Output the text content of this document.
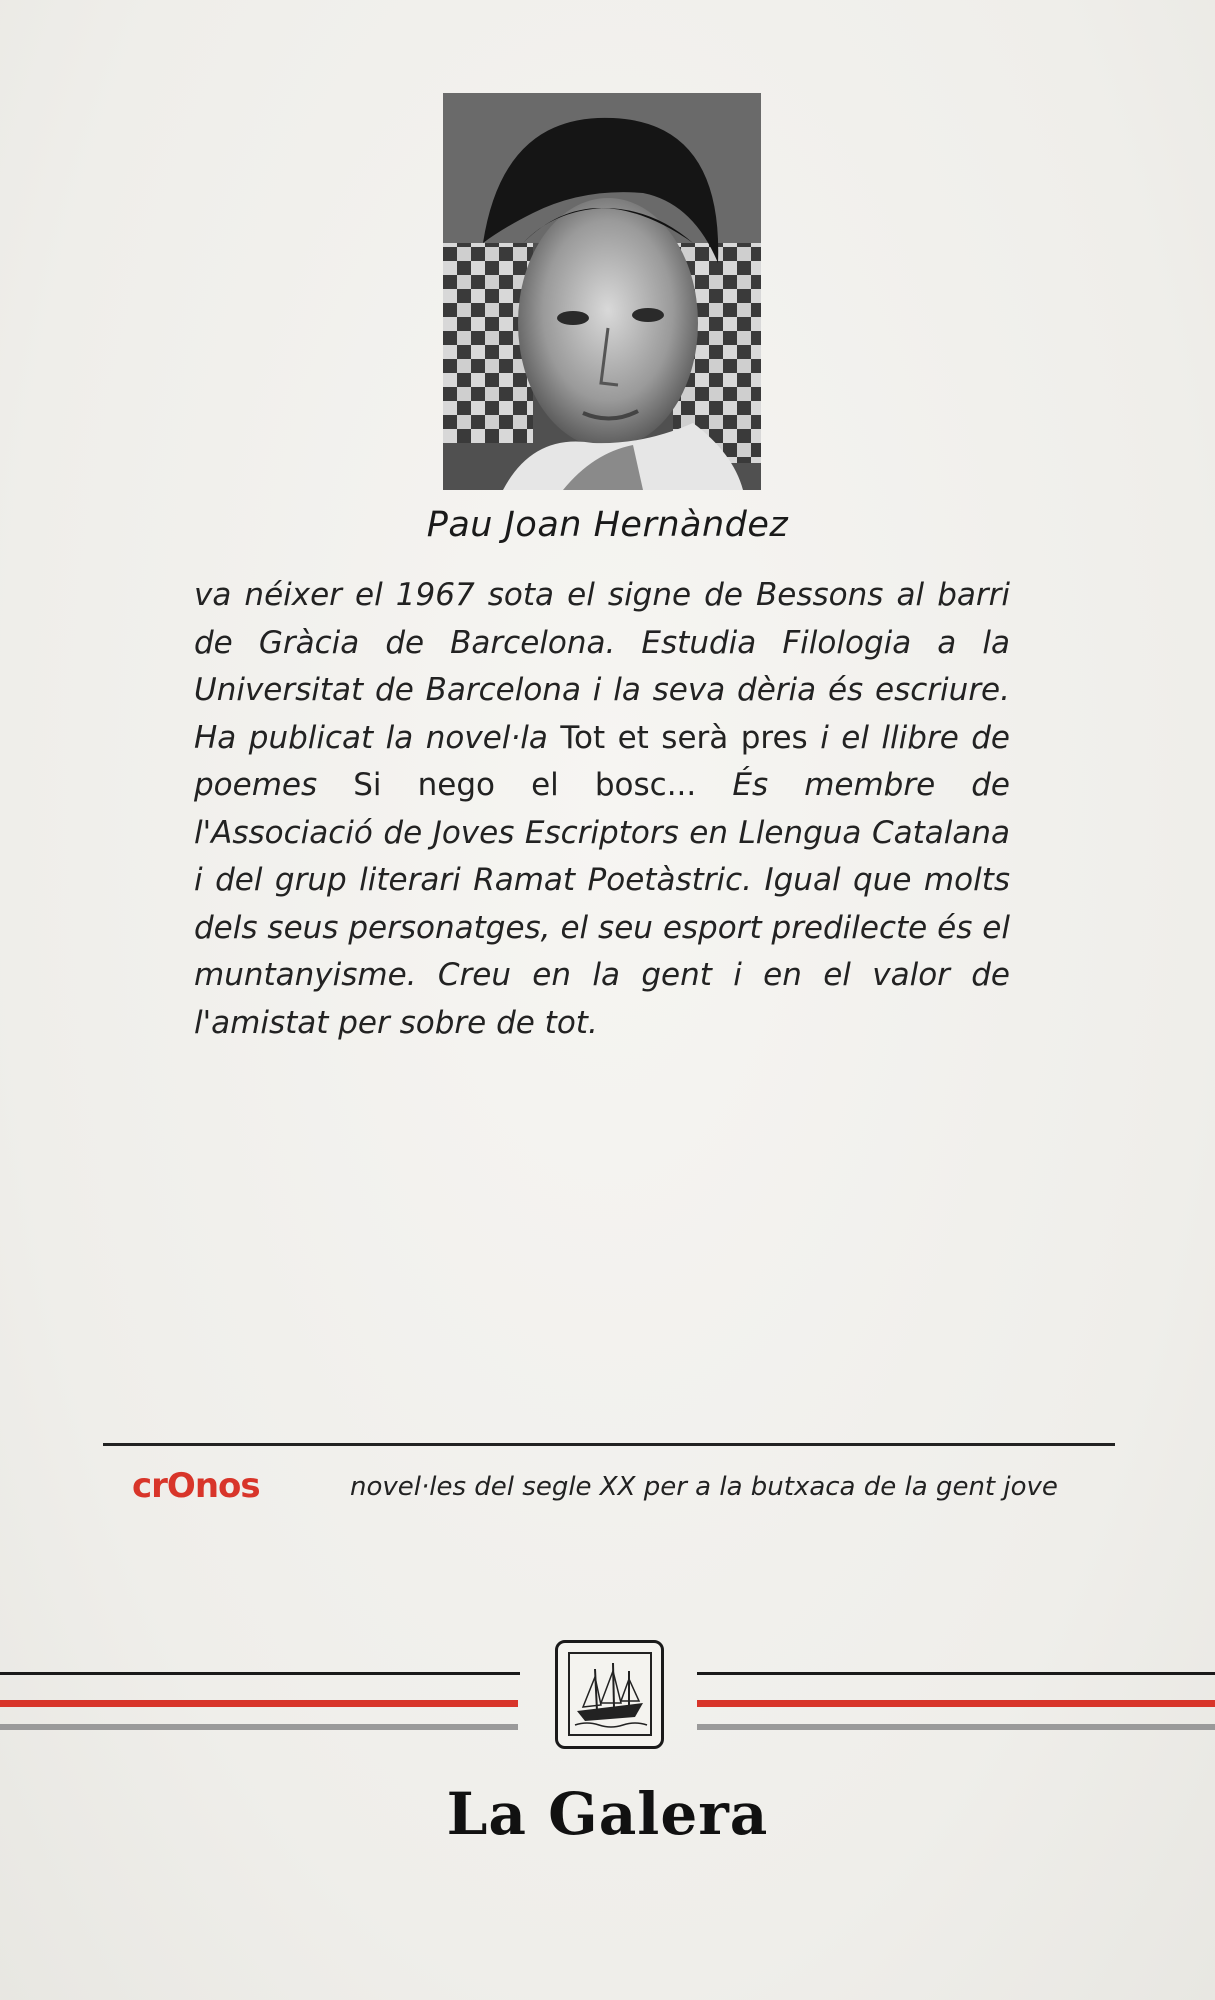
Pau Joan Hernàndez
va néixer el 1967 sota el signe de Bessons al barri de Gràcia de Barcelona. Estudia Filologia a la Universitat de Barcelona i la seva dèria és escriure. Ha publicat la novel·la Tot et serà pres i el llibre de poemes Si nego el bosc... És membre de l'Associació de Joves Escriptors en Llengua Catalana i del grup literari Ramat Poetàstric. Igual que molts dels seus personatges, el seu esport predilecte és el muntanyisme. Creu en la gent i en el valor de l'amistat per sobre de tot.
crOnos	novel·les del segle XX per a la butxaca de la gent jove
La Galera
